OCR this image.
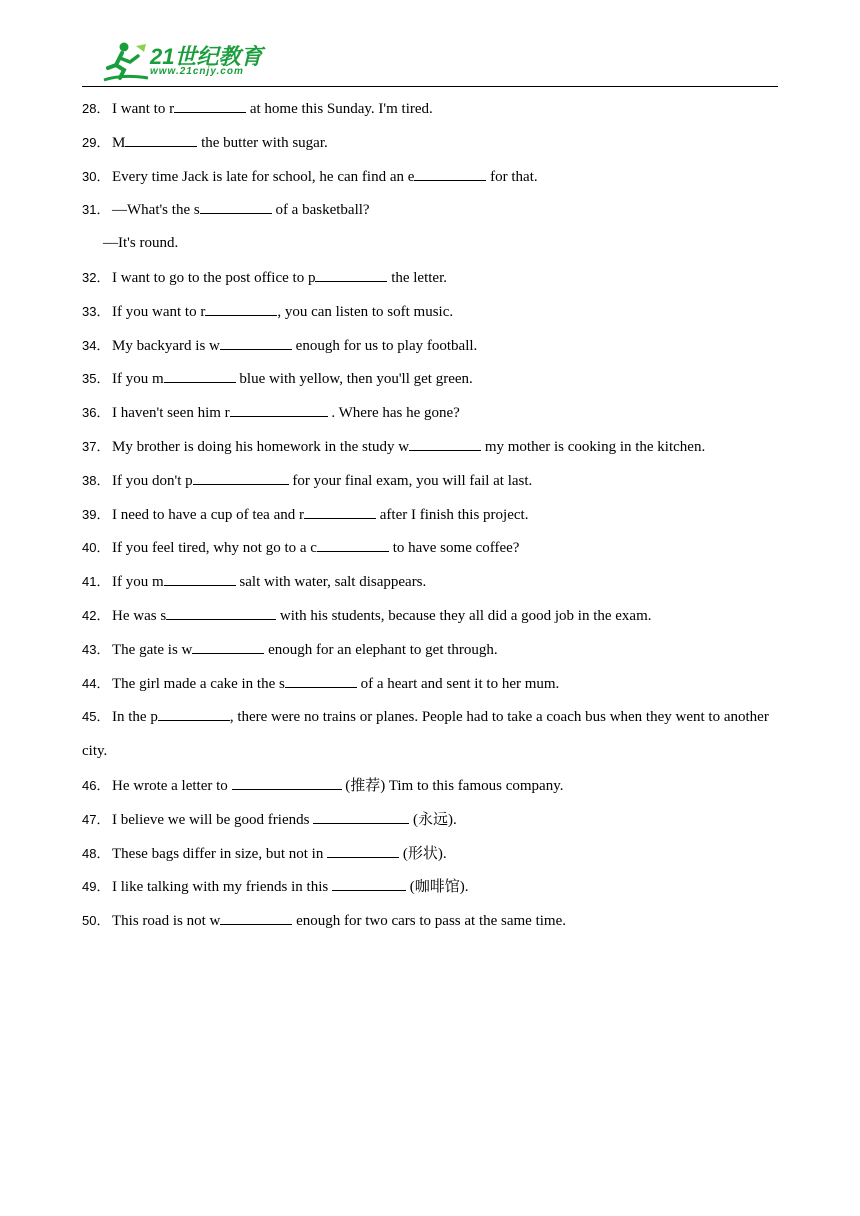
21世纪教育
www.21cnjy.com
28． I want to r	at home this Sunday. I'm tired.
29． M	the butter with sugar.
30． Every time Jack is late for school, he can find an e	for that.
31． —What's the s	of a basketball?
—It's round.
32． I want to go to the post office to p	the letter.
33． If you want to r	, you can listen to soft music.
34． My backyard is w	enough for us to play football.
35． If you m	blue with yellow, then you'll get green.
36． I haven't seen him r	. Where has he gone?
37． My brother is doing his homework in the study w	my mother is cooking in the kitchen.
38． If you don't p	for your final exam, you will fail at last.
39． I need to have a cup of tea and r	after I finish this project.
40． If you feel tired, why not go to a c	to have some coffee?
41． If you m	salt with water, salt disappears.
42． He was s	with his students, because they all did a good job in the exam.
43． The gate is w	enough for an elephant to get through.
44． The girl made a cake in the s	of a heart and sent it to her mum.
45． In the p	, there were no trains or planes. People had to take a coach bus when they went to another city.
46． He wrote a letter to	(推荐) Tim to this famous company.
47． I believe we will be good friends	(永远).
48． These bags differ in size, but not in	(形状).
49． I like talking with my friends in this	(咖啡馆).
50． This road is not w	enough for two cars to pass at the same time.
